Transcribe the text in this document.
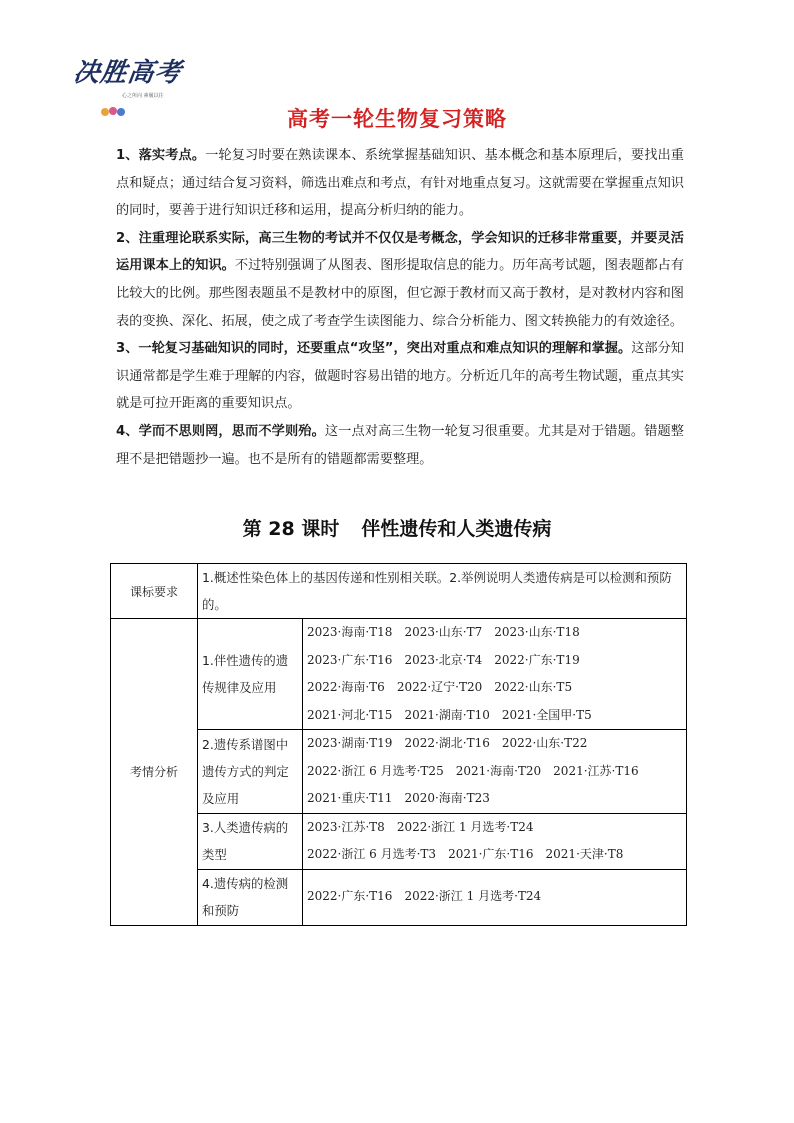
决胜高考
心之所向 素履以往
高考一轮生物复习策略

1、落实考点。一轮复习时要在熟读课本、系统掌握基础知识、基本概念和基本原理后，要找出重点和疑点；通过结合复习资料，筛选出难点和考点，有针对地重点复习。这就需要在掌握重点知识的同时，要善于进行知识迁移和运用，提高分析归纳的能力。

2、注重理论联系实际，高三生物的考试并不仅仅是考概念，学会知识的迁移非常重要，并要灵活运用课本上的知识。不过特别强调了从图表、图形提取信息的能力。历年高考试题，图表题都占有比较大的比例。那些图表题虽不是教材中的原图，但它源于教材而又高于教材，是对教材内容和图表的变换、深化、拓展，使之成了考查学生读图能力、综合分析能力、图文转换能力的有效途径。

3、一轮复习基础知识的同时，还要重点“攻坚”，突出对重点和难点知识的理解和掌握。这部分知识通常都是学生难于理解的内容，做题时容易出错的地方。分析近几年的高考生物试题，重点其实就是可拉开距离的重要知识点。

4、学而不思则罔，思而不学则殆。这一点对高三生物一轮复习很重要。尤其是对于错题。错题整理不是把错题抄一遍。也不是所有的错题都需要整理。

第 28 课时 伴性遗传和人类遗传病
课标要求	1.概述性染色体上的基因传递和性别相关联。2.举例说明人类遗传病是可以检测和预防的。	
考情分析	1.伴性遗传的遗传规律及应用	2023·海南·T18 2023·山东·T7 2023·山东·T18
2023·广东·T16 2023·北京·T4 2022·广东·T19
2022·海南·T6 2022·辽宁·T20 2022·山东·T5
2021·河北·T15 2021·湖南·T10 2021·全国甲·T5

	2.遗传系谱图中遗传方式的判定及应用	2023·湖南·T19 2022·湖北·T16 2022·山东·T22
2022·浙江 6 月选考·T25 2021·海南·T20 2021·江苏·T16
2021·重庆·T11 2020·海南·T23

	3.人类遗传病的类型	2023·江苏·T8 2022·浙江 1 月选考·T24
2022·浙江 6 月选考·T3 2021·广东·T16 2021·天津·T8

	4.遗传病的检测和预防	2022·广东·T16 2022·浙江 1 月选考·T24
